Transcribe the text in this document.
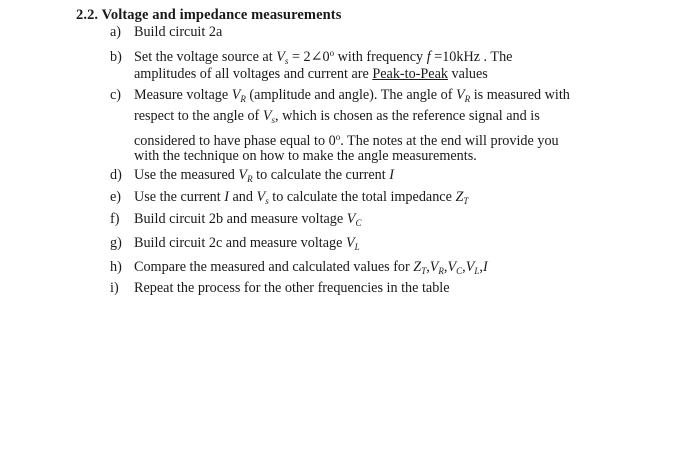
2.2. Voltage and impedance measurements
a) Build circuit 2a
b) Set the voltage source at $V_s$ = $2\angle 0^o$ with frequency f =10kHz . The
amplitudes of all voltages and current are Peak-to-Peak values
c) Measure voltage $V_R$ (amplitude and angle). The angle of $V_R$ is measured with
respect to the angle of $V_s$, which is chosen as the reference signal and is
considered to have phase equal to 0$^o$. The notes at the end will provide you
with the technique on how to make the angle measurements.
d) Use the measured $V_R$ to calculate the current I
e) Use the current I and $V_s$ to calculate the total impedance $Z_T$
f) Build circuit 2b and measure voltage $V_C$
g) Build circuit 2c and measure voltage $V_L$
h) Compare the measured and calculated values for $Z_T,V_R,V_C,V_L,I$
i) Repeat the process for the other frequencies in the table
